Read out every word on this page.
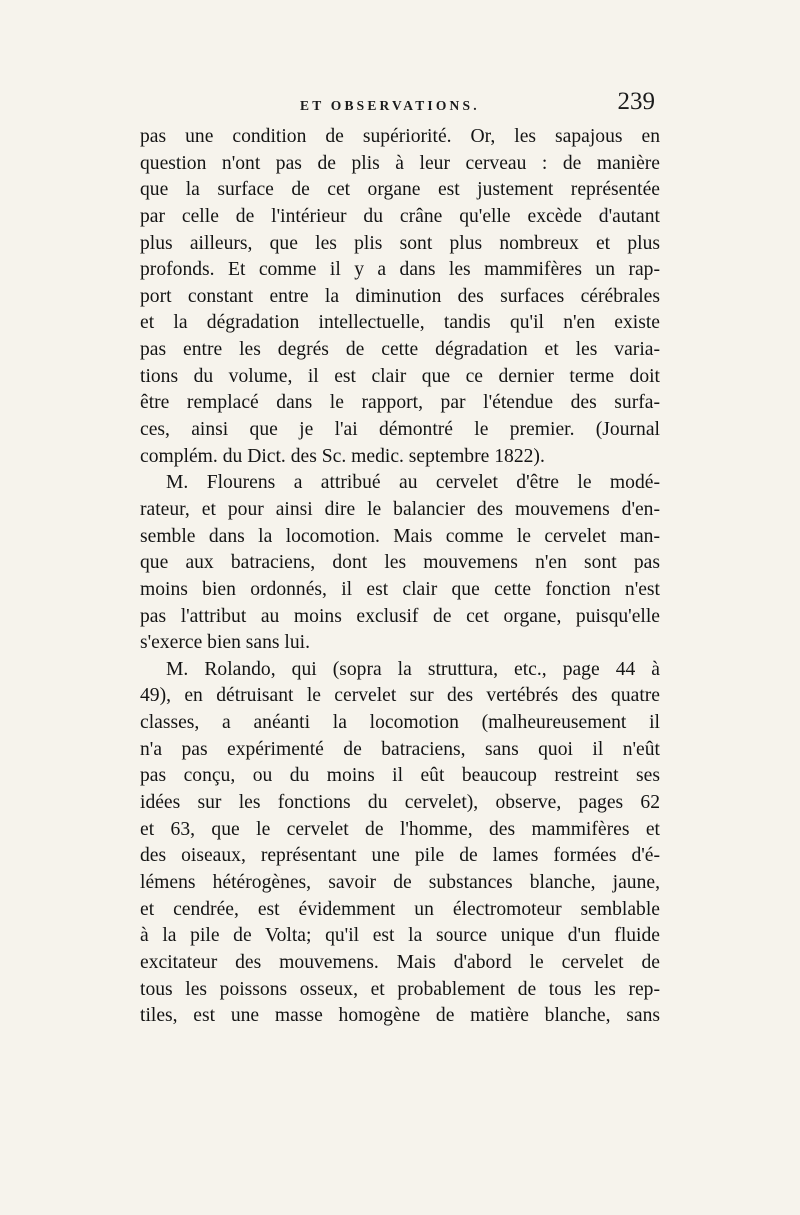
ET OBSERVATIONS.	239
pas une condition de supériorité. Or, les sapajous en
question n'ont pas de plis à leur cerveau : de manière
que la surface de cet organe est justement représentée
par celle de l'intérieur du crâne qu'elle excède d'autant
plus ailleurs, que les plis sont plus nombreux et plus
profonds. Et comme il y a dans les mammifères un rap-
port constant entre la diminution des surfaces cérébrales
et la dégradation intellectuelle, tandis qu'il n'en existe
pas entre les degrés de cette dégradation et les varia-
tions du volume, il est clair que ce dernier terme doit
être remplacé dans le rapport, par l'étendue des surfa-
ces, ainsi que je l'ai démontré le premier. (Journal
complém. du Dict. des Sc. medic. septembre 1822).
M. Flourens a attribué au cervelet d'être le modé-
rateur, et pour ainsi dire le balancier des mouvemens d'en-
semble dans la locomotion. Mais comme le cervelet man-
que aux batraciens, dont les mouvemens n'en sont pas
moins bien ordonnés, il est clair que cette fonction n'est
pas l'attribut au moins exclusif de cet organe, puisqu'elle
s'exerce bien sans lui.
M. Rolando, qui (sopra la struttura, etc., page 44 à
49), en détruisant le cervelet sur des vertébrés des quatre
classes, a anéanti la locomotion (malheureusement il
n'a pas expérimenté de batraciens, sans quoi il n'eût
pas conçu, ou du moins il eût beaucoup restreint ses
idées sur les fonctions du cervelet), observe, pages 62
et 63, que le cervelet de l'homme, des mammifères et
des oiseaux, représentant une pile de lames formées d'é-
lémens hétérogènes, savoir de substances blanche, jaune,
et cendrée, est évidemment un électromoteur semblable
à la pile de Volta; qu'il est la source unique d'un fluide
excitateur des mouvemens. Mais d'abord le cervelet de
tous les poissons osseux, et probablement de tous les rep-
tiles, est une masse homogène de matière blanche, sans
